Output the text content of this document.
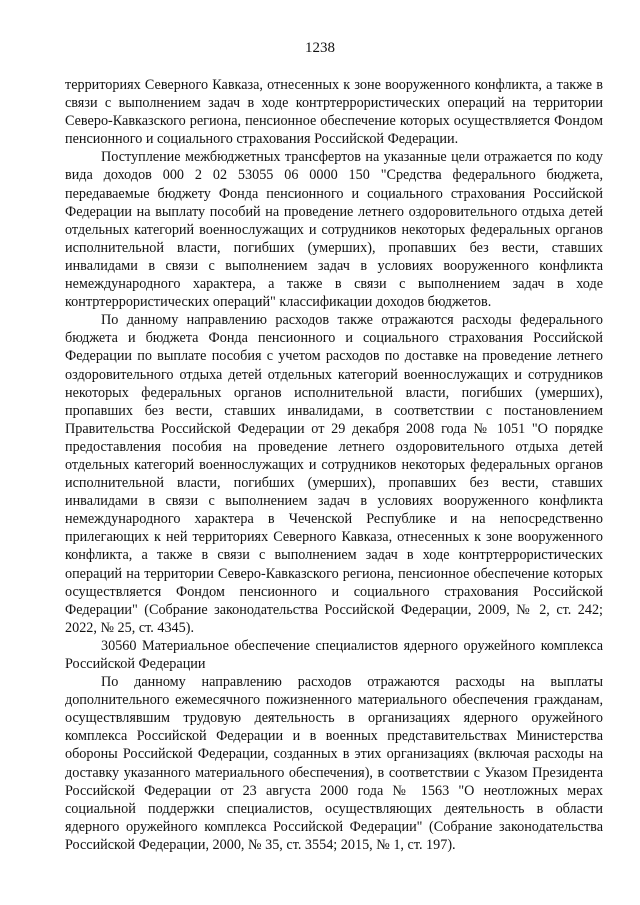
1238

территориях Северного Кавказа, отнесенных к зоне вооруженного конфликта, а также в связи с выполнением задач в ходе контртеррористических операций на территории Северо-Кавказского региона, пенсионное обеспечение которых осуществляется Фондом пенсионного и социального страхования Российской Федерации.

Поступление межбюджетных трансфертов на указанные цели отражается по коду вида доходов 000 2 02 53055 06 0000 150 "Средства федерального бюджета, передаваемые бюджету Фонда пенсионного и социального страхования Российской Федерации на выплату пособий на проведение летнего оздоровительного отдыха детей отдельных категорий военнослужащих и сотрудников некоторых федеральных органов исполнительной власти, погибших (умерших), пропавших без вести, ставших инвалидами в связи с выполнением задач в условиях вооруженного конфликта немеждународного характера, а также в связи с выполнением задач в ходе контртеррористических операций" классификации доходов бюджетов.

По данному направлению расходов также отражаются расходы федерального бюджета и бюджета Фонда пенсионного и социального страхования Российской Федерации по выплате пособия с учетом расходов по доставке на проведение летнего оздоровительного отдыха детей отдельных категорий военнослужащих и сотрудников некоторых федеральных органов исполнительной власти, погибших (умерших), пропавших без вести, ставших инвалидами, в соответствии с постановлением Правительства Российской Федерации от 29 декабря 2008 года № 1051 "О порядке предоставления пособия на проведение летнего оздоровительного отдыха детей отдельных категорий военнослужащих и сотрудников некоторых федеральных органов исполнительной власти, погибших (умерших), пропавших без вести, ставших инвалидами в связи с выполнением задач в условиях вооруженного конфликта немеждународного характера в Чеченской Республике и на непосредственно прилегающих к ней территориях Северного Кавказа, отнесенных к зоне вооруженного конфликта, а также в связи с выполнением задач в ходе контртеррористических операций на территории Северо-Кавказского региона, пенсионное обеспечение которых осуществляется Фондом пенсионного и социального страхования Российской Федерации" (Собрание законодательства Российской Федерации, 2009, № 2, ст. 242; 2022, № 25, ст. 4345).

30560 Материальное обеспечение специалистов ядерного оружейного комплекса Российской Федерации

По данному направлению расходов отражаются расходы на выплаты дополнительного ежемесячного пожизненного материального обеспечения гражданам, осуществлявшим трудовую деятельность в организациях ядерного оружейного комплекса Российской Федерации и в военных представительствах Министерства обороны Российской Федерации, созданных в этих организациях (включая расходы на доставку указанного материального обеспечения), в соответствии с Указом Президента Российской Федерации от 23 августа 2000 года № 1563 "О неотложных мерах социальной поддержки специалистов, осуществляющих деятельность в области ядерного оружейного комплекса Российской Федерации" (Собрание законодательства Российской Федерации, 2000, № 35, ст. 3554; 2015, № 1, ст. 197).
